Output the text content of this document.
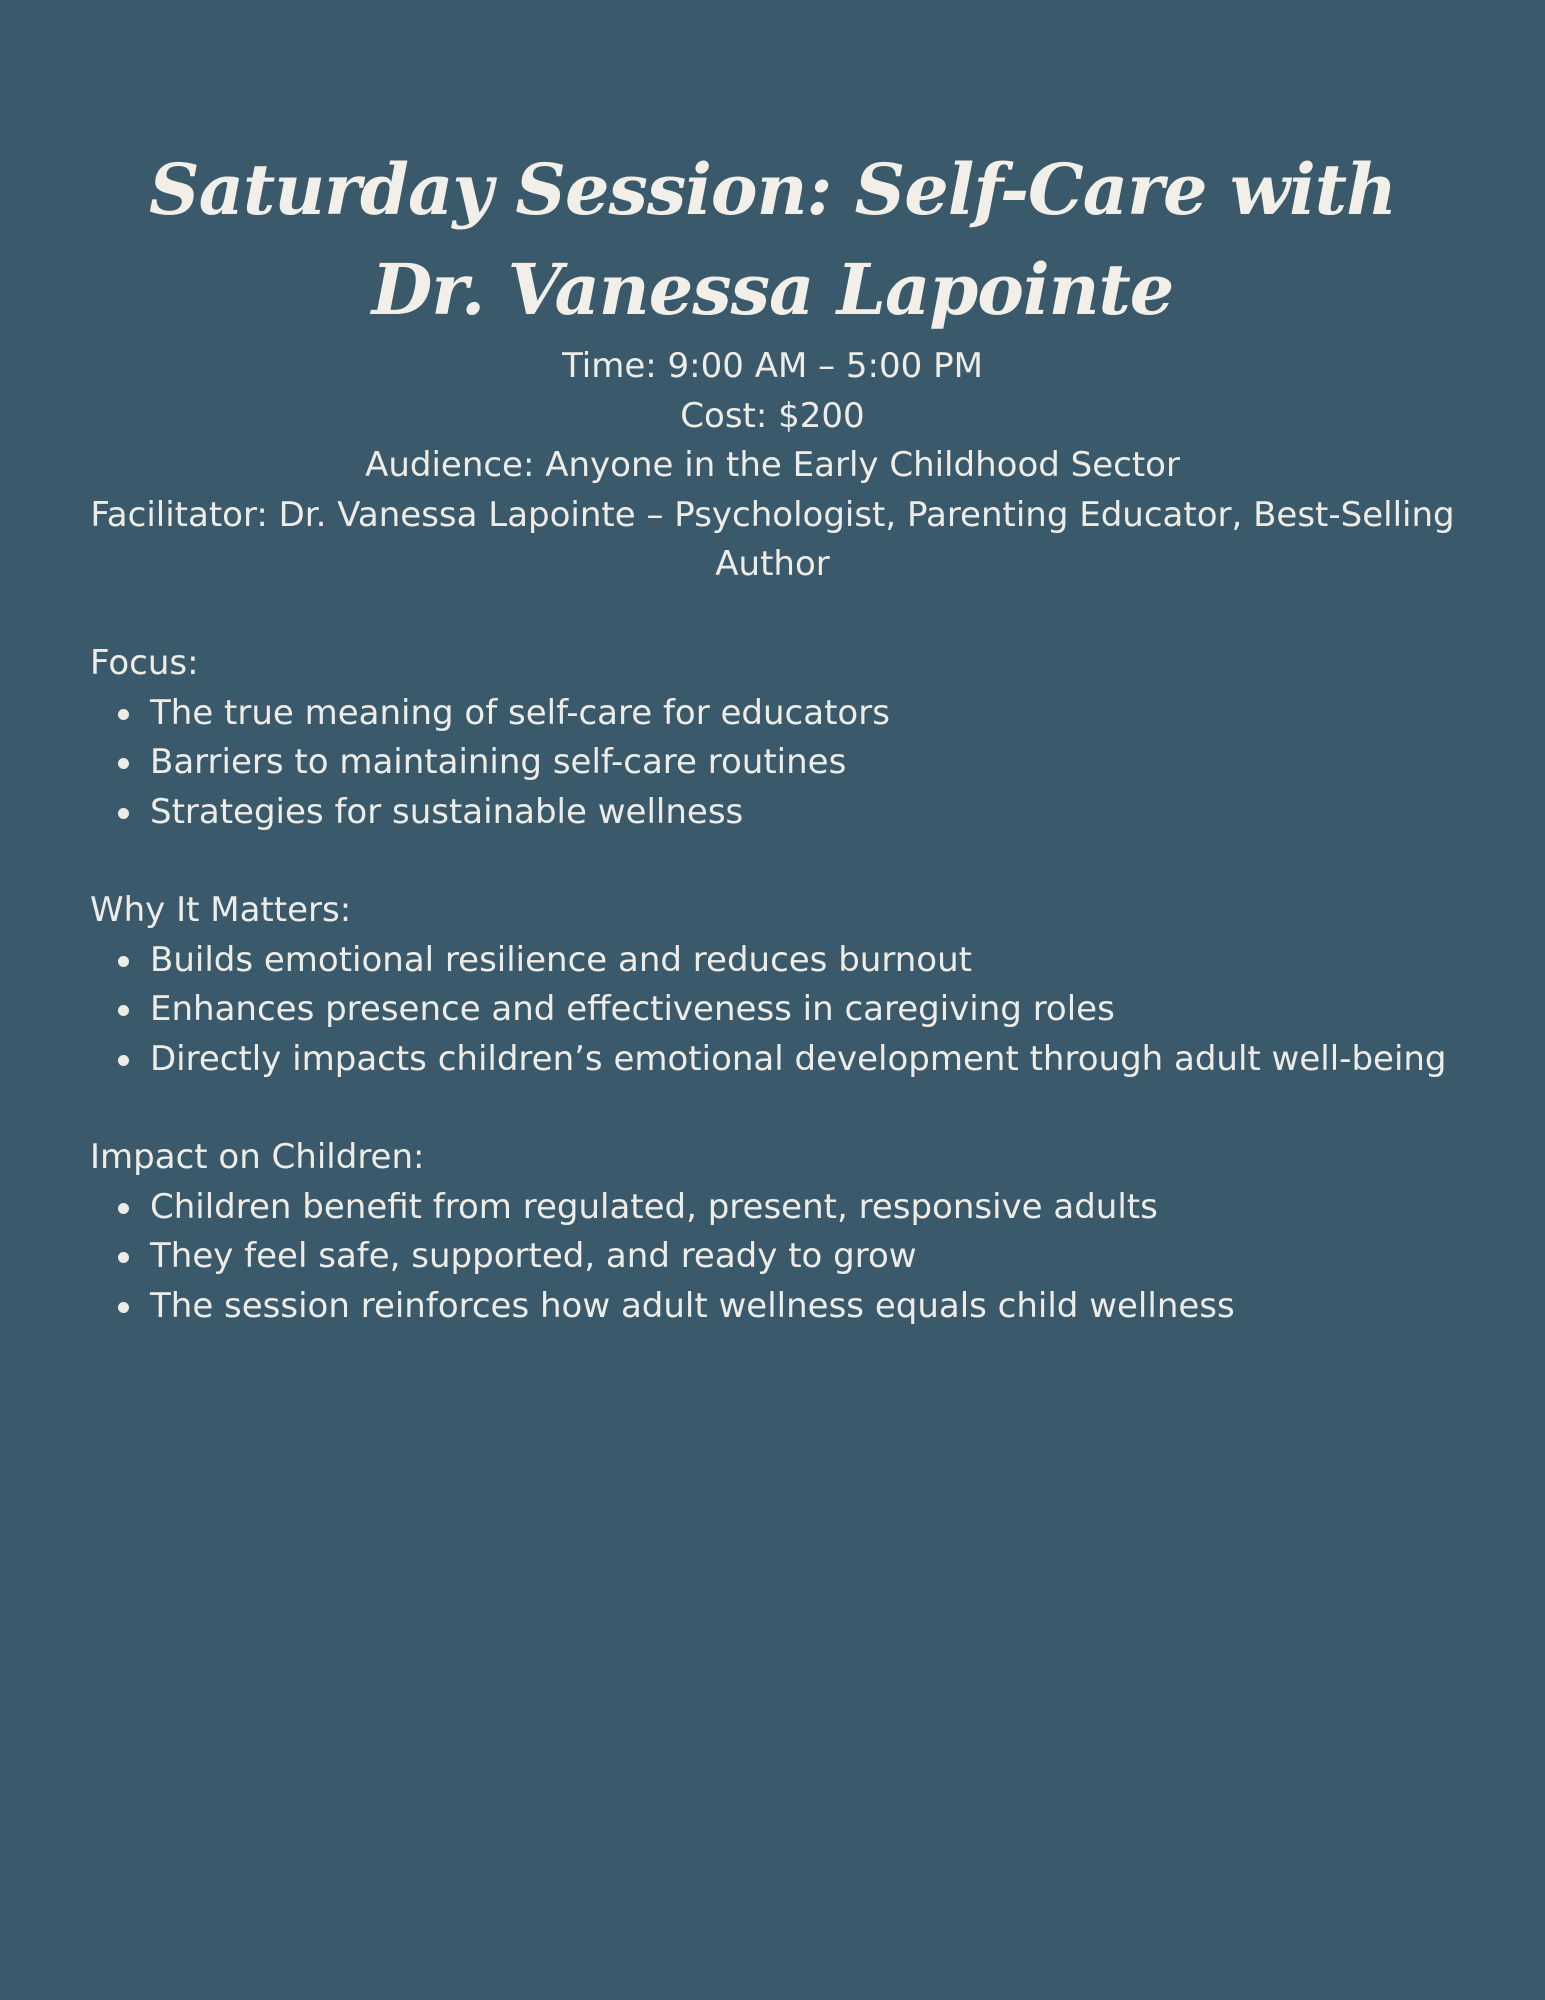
Saturday Session: Self-Care with Dr. Vanessa Lapointe
Time: 9:00 AM – 5:00 PM
Cost: $200
Audience: Anyone in the Early Childhood Sector
Facilitator: Dr. Vanessa Lapointe – Psychologist, Parenting Educator, Best-Selling Author

Focus:

The true meaning of self-care for educators
Barriers to maintaining self-care routines
Strategies for sustainable wellness

Why It Matters:

Builds emotional resilience and reduces burnout
Enhances presence and effectiveness in caregiving roles
Directly impacts children’s emotional development through adult well-being

Impact on Children:

Children benefit from regulated, present, responsive adults
They feel safe, supported, and ready to grow
The session reinforces how adult wellness equals child wellness
